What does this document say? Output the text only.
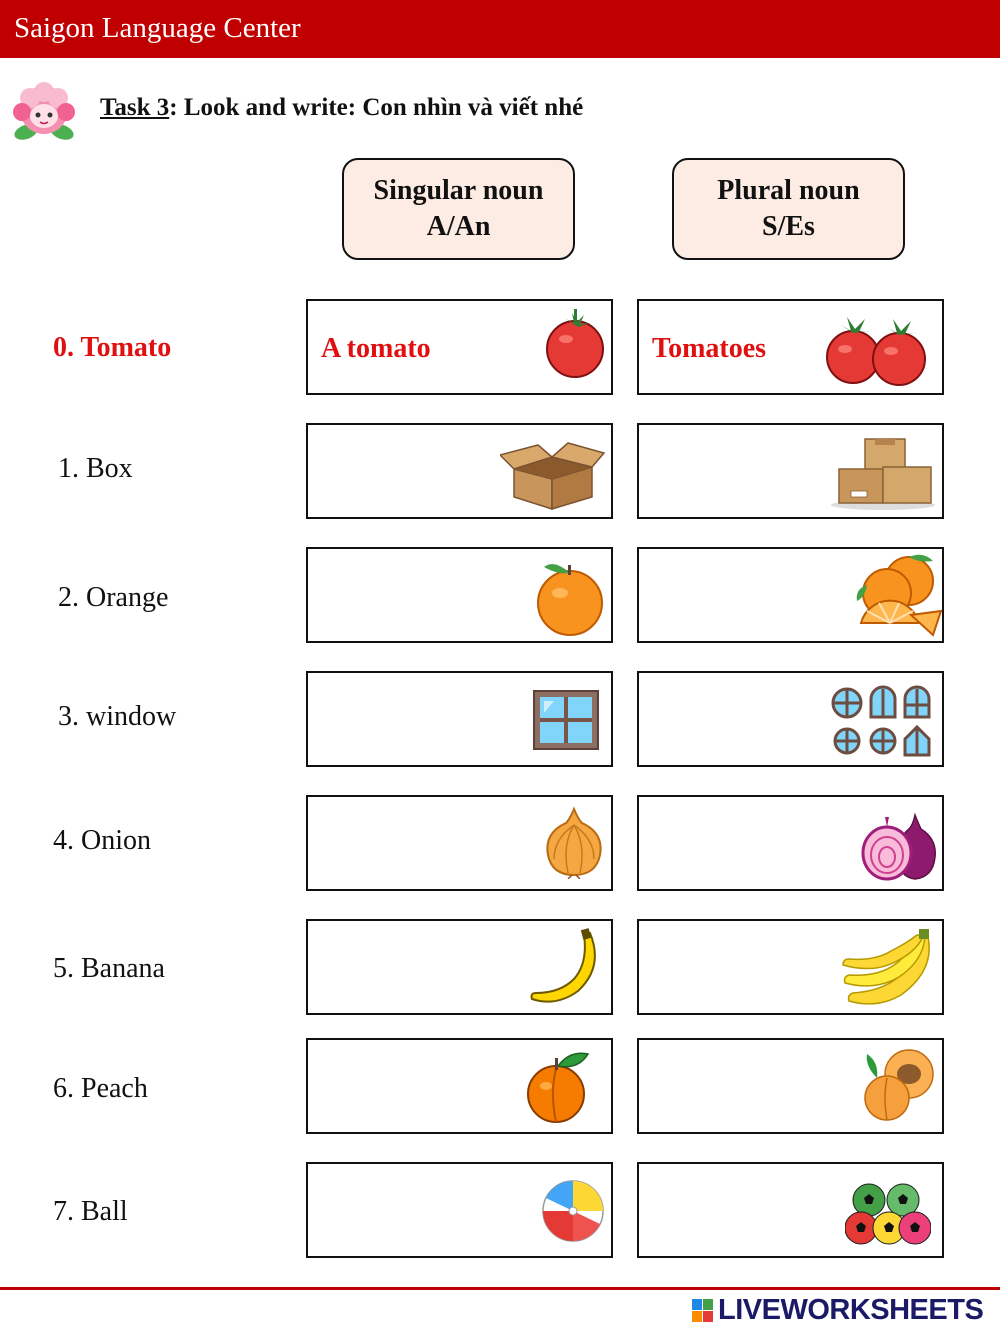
Saigon Language Center
Task 3: Look and write: Con nhìn và viết nhé
Singular noun
A/An
Plural noun
S/Es
0. Tomato	A tomato	Tomatoes
1. Box
2. Orange
3. window
4. Onion
5. Banana
6. Peach
7. Ball
LIVEWORKSHEETS
